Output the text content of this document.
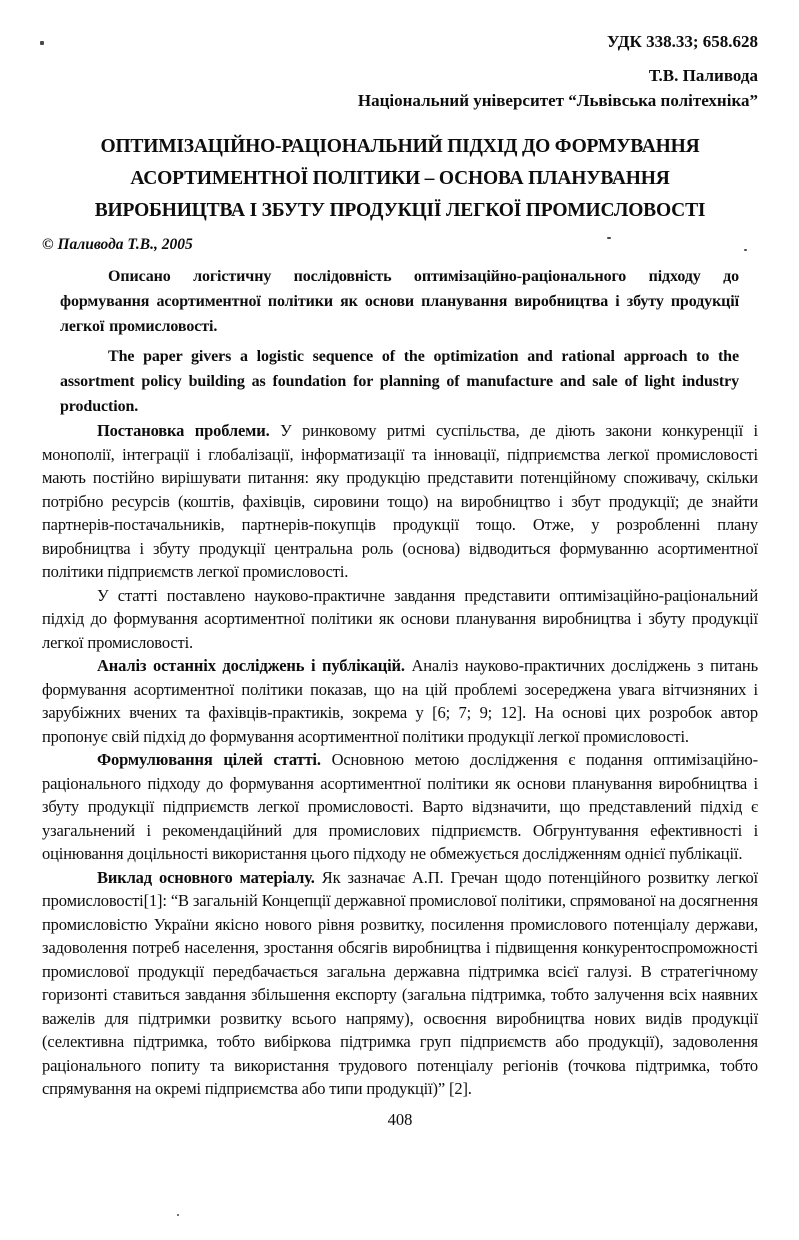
УДК 338.33; 658.628
Т.В. Паливода
Національний університет “Львівська політехніка”
ОПТИМІЗАЦІЙНО-РАЦІОНАЛЬНИЙ ПІДХІД ДО ФОРМУВАННЯ
АСОРТИМЕНТНОЇ ПОЛІТИКИ – ОСНОВА ПЛАНУВАННЯ
ВИРОБНИЦТВА І ЗБУТУ ПРОДУКЦІЇ ЛЕГКОЇ ПРОМИСЛОВОСТІ
© Паливода Т.В., 2005

Описано логістичну послідовність оптимізаційно-раціонального підходу до формування асортиментної політики як основи планування виробництва і збуту продукції легкої промисловості.

The paper givers a logistic sequence of the optimization and rational approach to the assortment policy building as foundation for planning of manufacture and sale of light industry production.

Постановка проблеми. У ринковому ритмі суспільства, де діють закони конкуренції і монополії, інтеграції і глобалізації, інформатизації та інновації, підприємства легкої промисловості мають постійно вирішувати питання: яку продукцію представити потенційному споживачу, скільки потрібно ресурсів (коштів, фахівців, сировини тощо) на виробництво і збут продукції; де знайти партнерів-постачальників, партнерів-покупців продукції тощо. Отже, у розробленні плану виробництва і збуту продукції центральна роль (основа) відводиться формуванню асортиментної політики підприємств легкої промисловості.

У статті поставлено науково-практичне завдання представити оптимізаційно-раціональний підхід до формування асортиментної політики як основи планування виробництва і збуту продукції легкої промисловості.

Аналіз останніх досліджень і публікацій. Аналіз науково-практичних досліджень з питань формування асортиментної політики показав, що на цій проблемі зосереджена увага вітчизняних і зарубіжних вчених та фахівців-практиків, зокрема у [6; 7; 9; 12]. На основі цих розробок автор пропонує свій підхід до формування асортиментної політики продукції легкої промисловості.

Формулювання цілей статті. Основною метою дослідження є подання оптимізаційно-раціонального підходу до формування асортиментної політики як основи планування виробництва і збуту продукції підприємств легкої промисловості. Варто відзначити, що представлений підхід є узагальнений і рекомендаційний для промислових підприємств. Обгрунтування ефективності і оцінювання доцільності використання цього підходу не обмежується дослідженням однієї публікації.

Виклад основного матеріалу. Як зазначає А.П. Гречан щодо потенційного розвитку легкої промисловості[1]: “В загальній Концепції державної промислової політики, спрямованої на досягнення промисловістю України якісно нового рівня розвитку, посилення промислового потенціалу держави, задоволення потреб населення, зростання обсягів виробництва і підвищення конкурентоспроможності промислової продукції передбачається загальна державна підтримка всієї галузі. В стратегічному горизонті ставиться завдання збільшення експорту (загальна підтримка, тобто залучення всіх наявних важелів для підтримки розвитку всього напряму), освоєння виробництва нових видів продукції (селективна підтримка, тобто вибіркова підтримка груп підприємств або продукції), задоволення раціонального попиту та використання трудового потенціалу регіонів (точкова підтримка, тобто спрямування на окремі підприємства або типи продукції)” [2].

408
